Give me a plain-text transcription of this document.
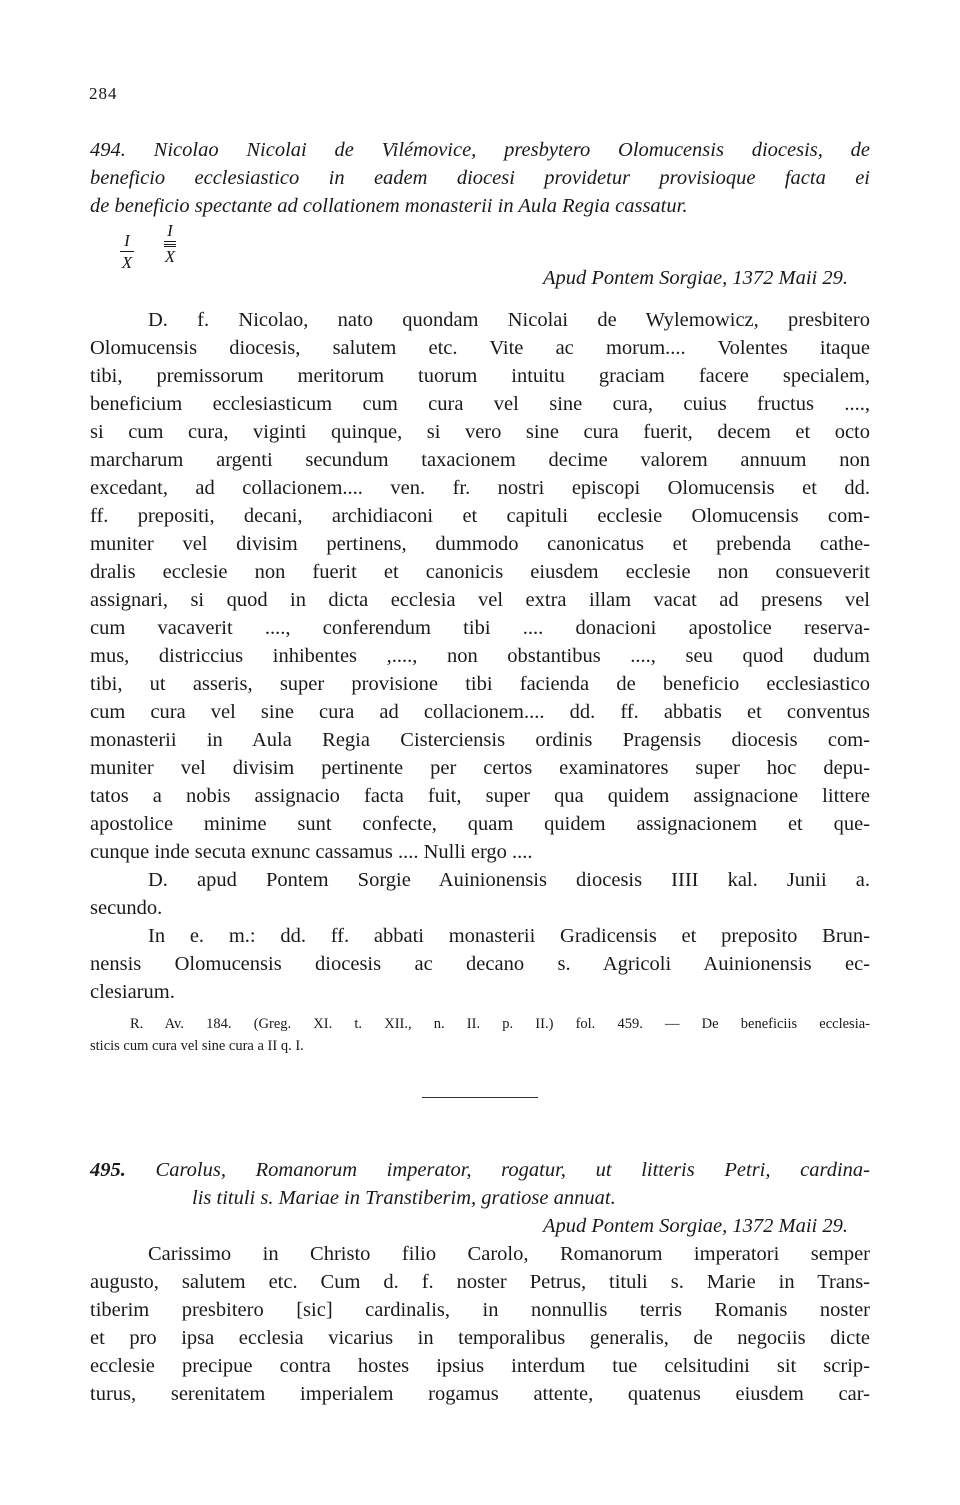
284
494. Nicolao Nicolai de Vilémovice, presbytero Olomucensis diocesis, de
beneficio ecclesiastico in eadem diocesi providetur provisioque facta ei
de beneficio spectante ad collationem monasterii in Aula Regia cassatur.
I
X
I
X
Apud Pontem Sorgiae, 1372 Maii 29.
D. f. Nicolao, nato quondam Nicolai de Wylemowicz, presbitero
Olomucensis diocesis, salutem etc. Vite ac morum.... Volentes itaque
tibi, premissorum meritorum tuorum intuitu graciam facere specialem,
beneficium ecclesiasticum cum cura vel sine cura, cuius fructus ....,
si cum cura, viginti quinque, si vero sine cura fuerit, decem et octo
marcharum argenti secundum taxacionem decime valorem annuum non
excedant, ad collacionem.... ven. fr. nostri episcopi Olomucensis et dd.
ff. prepositi, decani, archidiaconi et capituli ecclesie Olomucensis com-
muniter vel divisim pertinens, dummodo canonicatus et prebenda cathe-
dralis ecclesie non fuerit et canonicis eiusdem ecclesie non consueverit
assignari, si quod in dicta ecclesia vel extra illam vacat ad presens vel
cum vacaverit ...., conferendum tibi .... donacioni apostolice reserva-
mus, districcius inhibentes ,...., non obstantibus ...., seu quod dudum
tibi, ut asseris, super provisione tibi facienda de beneficio ecclesiastico
cum cura vel sine cura ad collacionem.... dd. ff. abbatis et conventus
monasterii in Aula Regia Cisterciensis ordinis Pragensis diocesis com-
muniter vel divisim pertinente per certos examinatores super hoc depu-
tatos a nobis assignacio facta fuit, super qua quidem assignacione littere
apostolice minime sunt confecte, quam quidem assignacionem et que-
cunque inde secuta exnunc cassamus .... Nulli ergo ....
D. apud Pontem Sorgie Auinionensis diocesis IIII kal. Junii a.
secundo.
In e. m.: dd. ff. abbati monasterii Gradicensis et preposito Brun-
nensis Olomucensis diocesis ac decano s. Agricoli Auinionensis ec-
clesiarum.
R. Av. 184. (Greg. XI. t. XII., n. II. p. II.) fol. 459. — De beneficiis ecclesia-
sticis cum cura vel sine cura a II q. I.
495. Carolus, Romanorum imperator, rogatur, ut litteris Petri, cardina-
lis tituli s. Mariae in Transtiberim, gratiose annuat.
Apud Pontem Sorgiae, 1372 Maii 29.
Carissimo in Christo filio Carolo, Romanorum imperatori semper
augusto, salutem etc. Cum d. f. noster Petrus, tituli s. Marie in Trans-
tiberim presbitero [sic] cardinalis, in nonnullis terris Romanis noster
et pro ipsa ecclesia vicarius in temporalibus generalis, de negociis dicte
ecclesie precipue contra hostes ipsius interdum tue celsitudini sit scrip-
turus, serenitatem imperialem rogamus attente, quatenus eiusdem car-
